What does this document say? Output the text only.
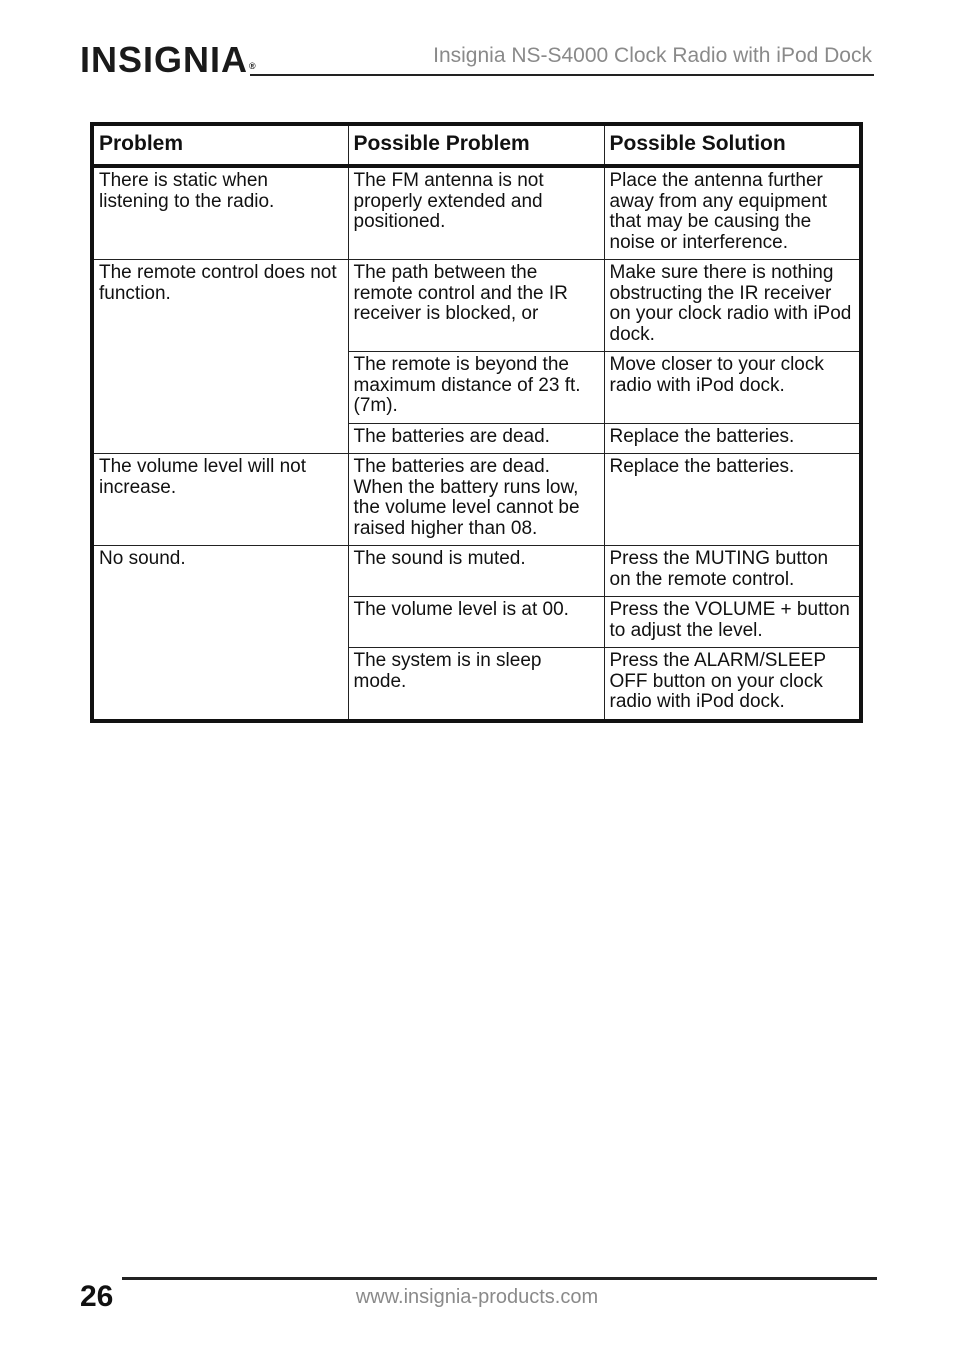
INSIGNIA®	Insignia NS-S4000 Clock Radio with iPod Dock
Problem	Possible Problem	Possible Solution
There is static when listening to the radio.	The FM antenna is not properly extended and positioned.	Place the antenna further away from any equipment that may be causing the noise or interference.
The remote control does not function.	The path between the remote control and the IR receiver is blocked, or	Make sure there is nothing obstructing the IR receiver on your clock radio with iPod dock.
	The remote is beyond the maximum distance of 23 ft. (7m).	Move closer to your clock radio with iPod dock.
	The batteries are dead.	Replace the batteries.
The volume level will not increase.	The batteries are dead. When the battery runs low, the volume level cannot be raised higher than 08.	Replace the batteries.
No sound.	The sound is muted.	Press the MUTING button on the remote control.
	The volume level is at 00.	Press the VOLUME + button to adjust the level.
	The system is in sleep mode.	Press the ALARM/SLEEP OFF button on your clock radio with iPod dock.
26	www.insignia-products.com
